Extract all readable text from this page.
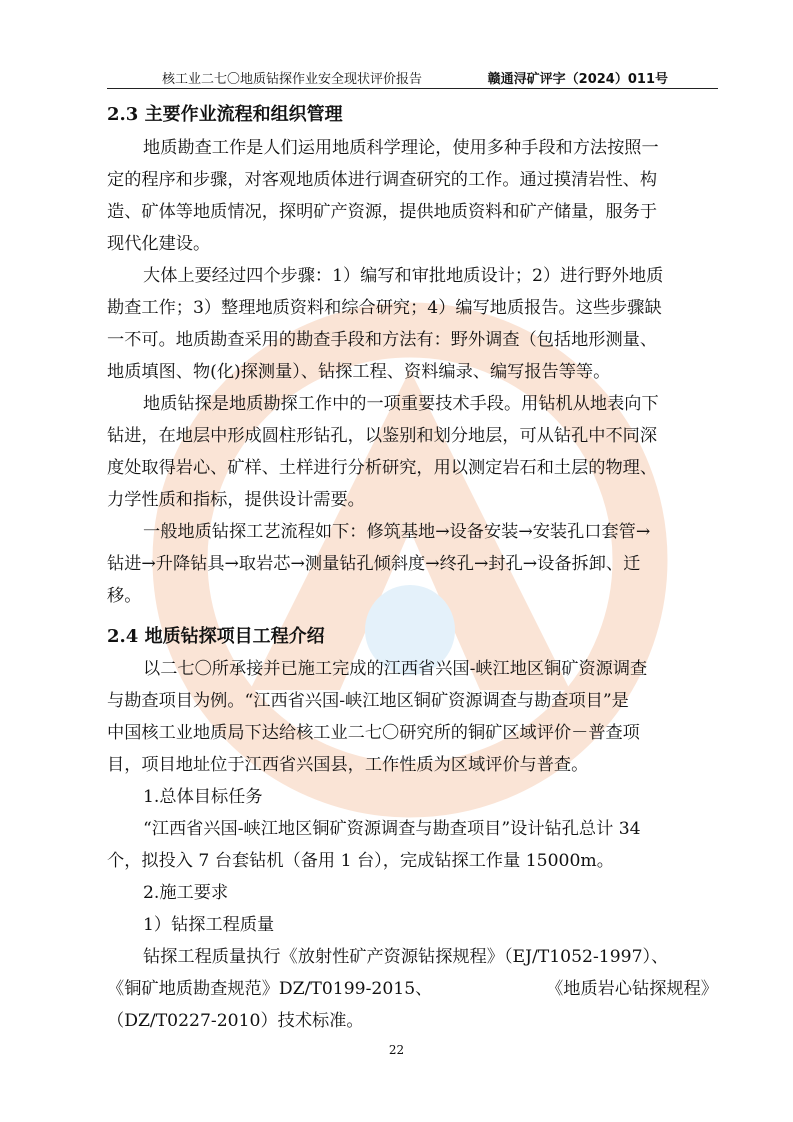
核工业二七〇地质钻探作业安全现状评价报告	赣通浔矿评字（2024）011号
2.3 主要作业流程和组织管理
地质勘查工作是人们运用地质科学理论，使用多种手段和方法按照一
定的程序和步骤，对客观地质体进行调查研究的工作。通过摸清岩性、构
造、矿体等地质情况，探明矿产资源，提供地质资料和矿产储量，服务于
现代化建设。
大体上要经过四个步骤：1）编写和审批地质设计；2）进行野外地质
勘查工作；3）整理地质资料和综合研究；4）编写地质报告。这些步骤缺
一不可。地质勘查采用的勘查手段和方法有：野外调查（包括地形测量、
地质填图、物(化)探测量）、钻探工程、资料编录、编写报告等等。
地质钻探是地质勘探工作中的一项重要技术手段。用钻机从地表向下
钻进，在地层中形成圆柱形钻孔，以鉴别和划分地层，可从钻孔中不同深
度处取得岩心、矿样、土样进行分析研究，用以测定岩石和土层的物理、
力学性质和指标，提供设计需要。
一般地质钻探工艺流程如下：修筑基地→设备安装→安装孔口套管→
钻进→升降钻具→取岩芯→测量钻孔倾斜度→终孔→封孔→设备拆卸、迁
移。
2.4 地质钻探项目工程介绍
以二七〇所承接并已施工完成的江西省兴国-峡江地区铜矿资源调查
与勘查项目为例。“江西省兴国-峡江地区铜矿资源调查与勘查项目”是
中国核工业地质局下达给核工业二七〇研究所的铜矿区域评价－普查项
目，项目地址位于江西省兴国县，工作性质为区域评价与普查。
1.总体目标任务
“江西省兴国-峡江地区铜矿资源调查与勘查项目”设计钻孔总计 34
个，拟投入 7 台套钻机（备用 1 台），完成钻探工作量 15000m。
2.施工要求
1）钻探工程质量
钻探工程质量执行《放射性矿产资源钻探规程》（EJ/T1052-1997）、
《铜矿地质勘查规范》DZ/T0199-2015、	《地质岩心钻探规程》
（DZ/T0227-2010）技术标准。
22
